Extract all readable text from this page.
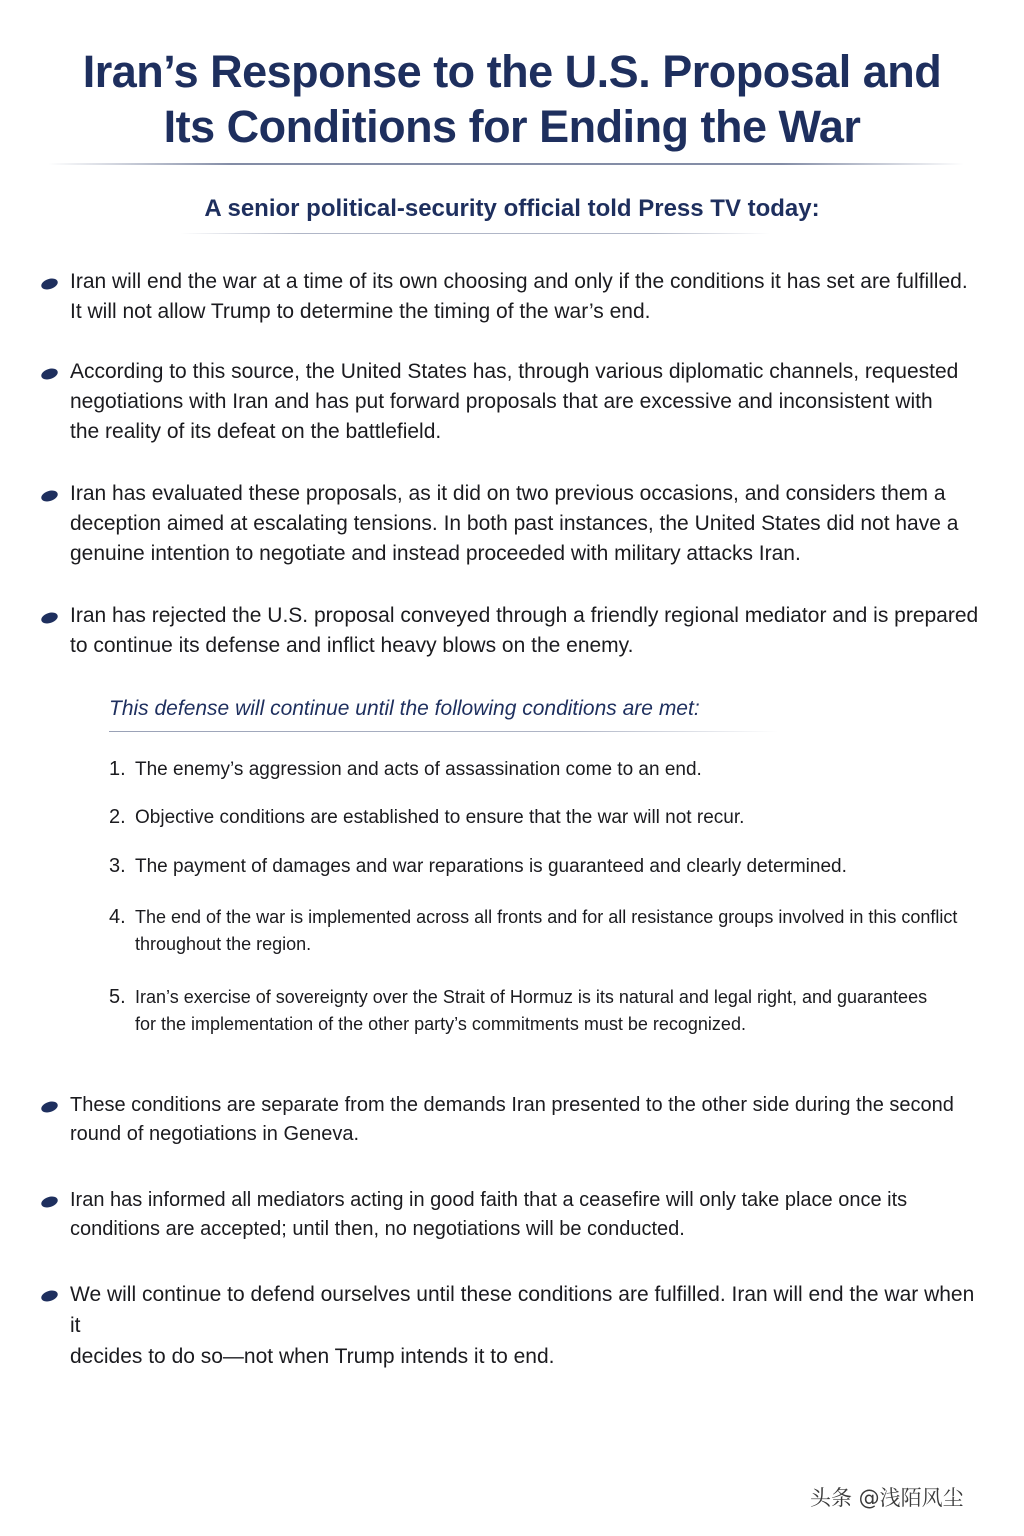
Iran’s Response to the U.S. Proposal and
Its Conditions for Ending the War
A senior political-security official told Press TV today:
Iran will end the war at a time of its own choosing and only if the conditions it has set are fulfilled.
It will not allow Trump to determine the timing of the war’s end.
According to this source, the United States has, through various diplomatic channels, requested
negotiations with Iran and has put forward proposals that are excessive and inconsistent with
the reality of its defeat on the battlefield.
Iran has evaluated these proposals, as it did on two previous occasions, and considers them a
deception aimed at escalating tensions. In both past instances, the United States did not have a
genuine intention to negotiate and instead proceeded with military attacks Iran.
Iran has rejected the U.S. proposal conveyed through a friendly regional mediator and is prepared
to continue its defense and inflict heavy blows on the enemy.
This defense will continue until the following conditions are met:
1. The enemy’s aggression and acts of assassination come to an end.
2. Objective conditions are established to ensure that the war will not recur.
3. The payment of damages and war reparations is guaranteed and clearly determined.
4. The end of the war is implemented across all fronts and for all resistance groups involved in this conflict
throughout the region.
5. Iran’s exercise of sovereignty over the Strait of Hormuz is its natural and legal right, and guarantees
for the implementation of the other party’s commitments must be recognized.
These conditions are separate from the demands Iran presented to the other side during the second
round of negotiations in Geneva.
Iran has informed all mediators acting in good faith that a ceasefire will only take place once its
conditions are accepted; until then, no negotiations will be conducted.
We will continue to defend ourselves until these conditions are fulfilled. Iran will end the war when it
decides to do so—not when Trump intends it to end.
头条 @浅陌风尘
